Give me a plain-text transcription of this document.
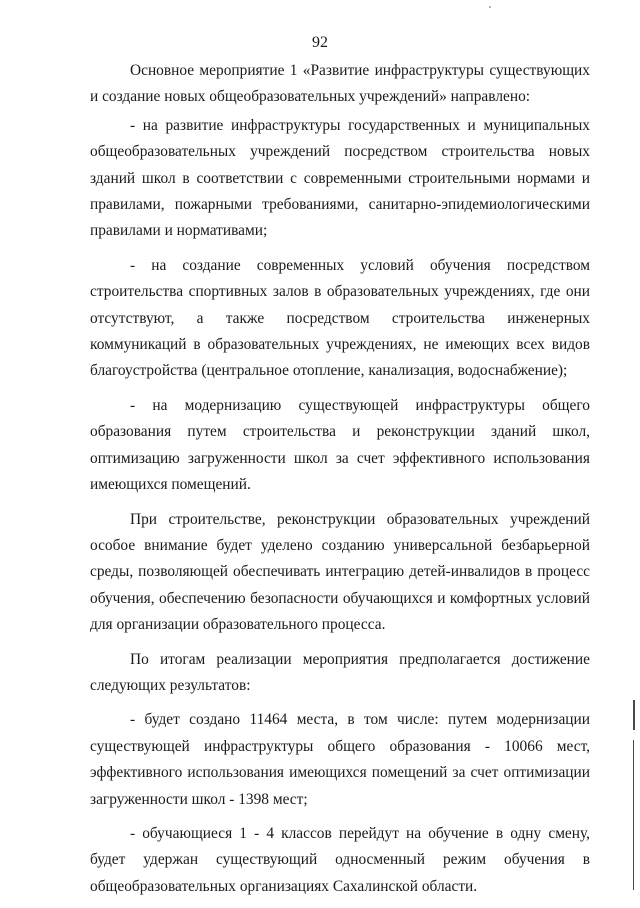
92

Основное мероприятие 1 «Развитие инфраструктуры существующих и создание новых общеобразовательных учреждений» направлено:

- на развитие инфраструктуры государственных и муниципальных общеобразовательных учреждений посредством строительства новых зданий школ в соответствии с современными строительными нормами и правилами, пожарными требованиями, санитарно-эпидемиологическими правилами и нормативами;

- на создание современных условий обучения посредством строительства спортивных залов в образовательных учреждениях, где они отсутствуют, а также посредством строительства инженерных коммуникаций в образовательных учреждениях, не имеющих всех видов благоустройства (центральное отопление, канализация, водоснабжение);

- на модернизацию существующей инфраструктуры общего образования путем строительства и реконструкции зданий школ, оптимизацию загруженности школ за счет эффективного использования имеющихся помещений.

При строительстве, реконструкции образовательных учреждений особое внимание будет уделено созданию универсальной безбарьерной среды, позволяющей обеспечивать интеграцию детей-инвалидов в процесс обучения, обеспечению безопасности обучающихся и комфортных условий для организации образовательного процесса.

По итогам реализации мероприятия предполагается достижение следующих результатов:

- будет создано 11464 места, в том числе: путем модернизации существующей инфраструктуры общего образования - 10066 мест, эффективного использования имеющихся помещений за счет оптимизации загруженности школ - 1398 мест;

- обучающиеся 1 - 4 классов перейдут на обучение в одну смену, будет удержан существующий односменный режим обучения в общеобразовательных организациях Сахалинской области.
